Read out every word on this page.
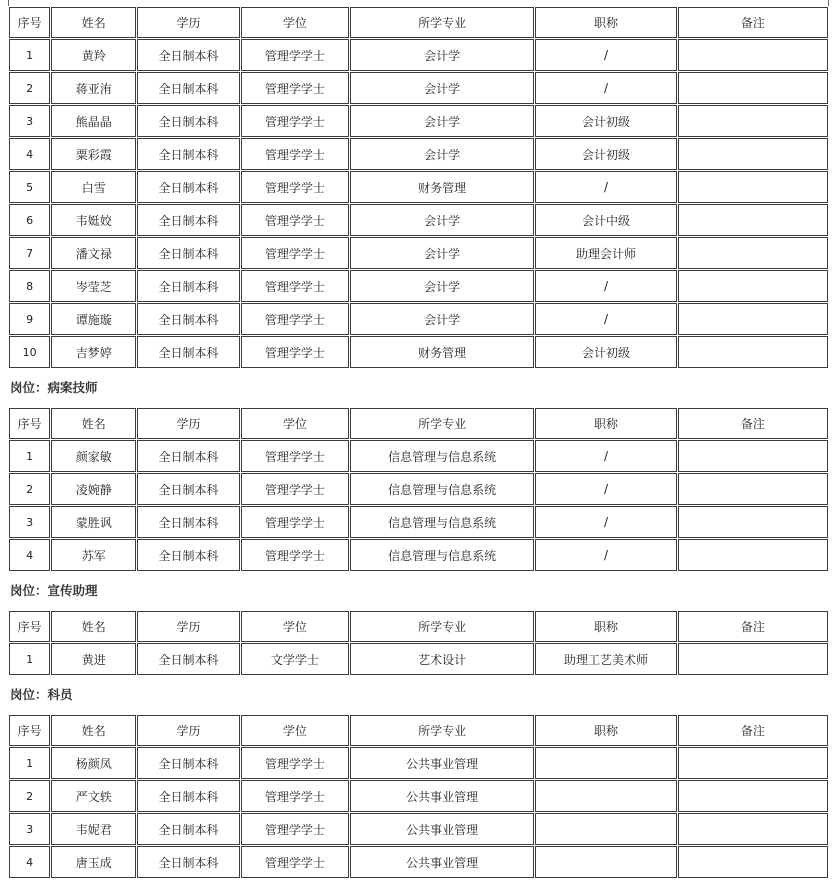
序号	姓名	学历	学位	所学专业	职称	备注
1	黄羚	全日制本科	管理学学士	会计学	/	
2	蒋亚洧	全日制本科	管理学学士	会计学	/	
3	熊晶晶	全日制本科	管理学学士	会计学	会计初级	
4	粟彩霞	全日制本科	管理学学士	会计学	会计初级	
5	白雪	全日制本科	管理学学士	财务管理	/	
6	韦娗姣	全日制本科	管理学学士	会计学	会计中级	
7	潘文禄	全日制本科	管理学学士	会计学	助理会计师	
8	岑莹芝	全日制本科	管理学学士	会计学	/	
9	谭施璇	全日制本科	管理学学士	会计学	/	
10	吉梦婷	全日制本科	管理学学士	财务管理	会计初级	
岗位：病案技师
序号	姓名	学历	学位	所学专业	职称	备注
1	颜家敏	全日制本科	管理学学士	信息管理与信息系统	/	
2	凌婉静	全日制本科	管理学学士	信息管理与信息系统	/	
3	蒙胜讽	全日制本科	管理学学士	信息管理与信息系统	/	
4	苏军	全日制本科	管理学学士	信息管理与信息系统	/	
岗位：宣传助理
序号	姓名	学历	学位	所学专业	职称	备注
1	黄进	全日制本科	文学学士	艺术设计	助理工艺美术师	
岗位：科员
序号	姓名	学历	学位	所学专业	职称	备注
1	杨颜凤	全日制本科	管理学学士	公共事业管理		
2	严文轶	全日制本科	管理学学士	公共事业管理		
3	韦妮君	全日制本科	管理学学士	公共事业管理		
4	唐玉成	全日制本科	管理学学士	公共事业管理		
